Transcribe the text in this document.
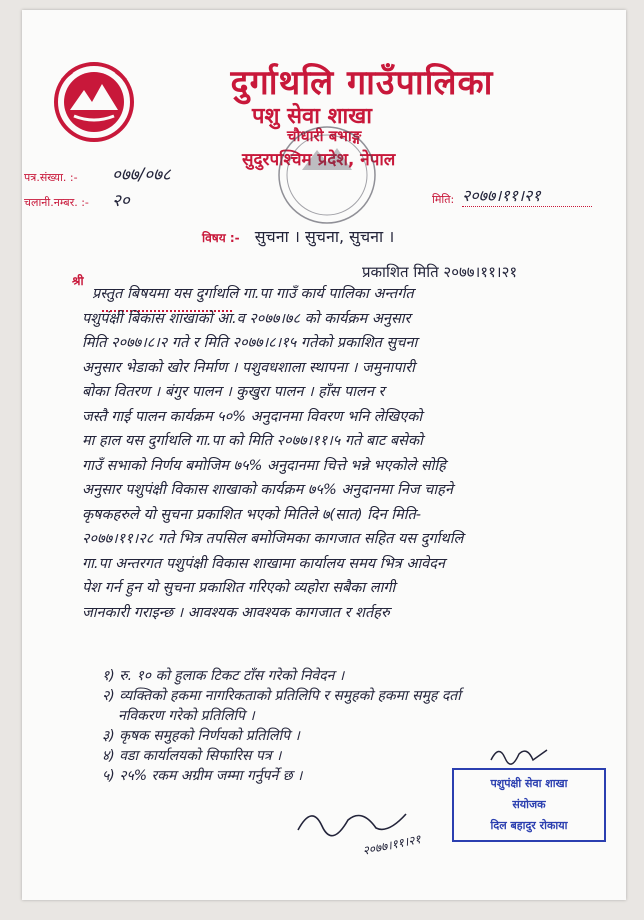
दुर्गाथलि गाउँपालिका
पशु सेवा शाखा
चौधारी बभाङ्ग
सुदुरपश्चिम प्रदेश, नेपाल
पत्र.संख्या. :- ०७७/०७८
चलानी.नम्बर. :- २०	मिति: २०७७।११।२१
विषय :- सुचना । सुचना, सुचना ।
प्रकाशित मिति २०७७।११।२१
श्री
प्रस्तुत बिषयमा यस दुर्गाथलि गा.पा गाउँ कार्य पालिका अन्तर्गत
पशुपंक्षी बिकास शाखाको आ.व २०७७।७८ को कार्यक्रम अनुसार
मिति २०७७।८।२ गते र मिति २०७७।८।१५ गतेको प्रकाशित सुचना
अनुसार भेडाको खोर निर्माण । पशुवधशाला स्थापना । जमुनापारी
बोका वितरण । बंगुर पालन । कुखुरा पालन । हाँस पालन र
जस्तै गाई पालन कार्यक्रम ५०% अनुदानमा विवरण भनि लेखिएको
मा हाल यस दुर्गाथलि गा.पा को मिति २०७७।११।५ गते बाट बसेको
गाउँ सभाको निर्णय बमोजिम ७५% अनुदानमा चित्ते भन्ने भएकोले सोहि
अनुसार पशुपंक्षी विकास शाखाको कार्यक्रम ७५% अनुदानमा निज चाहने
कृषकहरुले यो सुचना प्रकाशित भएको मितिले ७(सात) दिन मिति-
२०७७।११।२८ गते भित्र तपसिल बमोजिमका कागजात सहित यस दुर्गाथलि
गा.पा अन्तरगत पशुपंक्षी विकास शाखामा कार्यालय समय भित्र आवेदन
पेश गर्न हुन यो सुचना प्रकाशित गरिएको व्यहोरा सबैका लागी
जानकारी गराइन्छ । आवश्यक आवश्यक कागजात र शर्तहरु
१) रु. १० को हुलाक टिकट टाँस गरेको निवेदन ।
२) व्यक्तिको हकमा नागरिकताको प्रतिलिपि र समुहको हकमा समुह दर्ता
नविकरण गरेको प्रतिलिपि ।
३) कृषक समुहको निर्णयको प्रतिलिपि ।
४) वडा कार्यालयको सिफारिस पत्र ।
५) २५% रकम अग्रीम जम्मा गर्नुपर्ने छ ।	पशुपंक्षी सेवा शाखा
संयोजक
दिल बहादुर रोकाया
२०७७।११।२१
